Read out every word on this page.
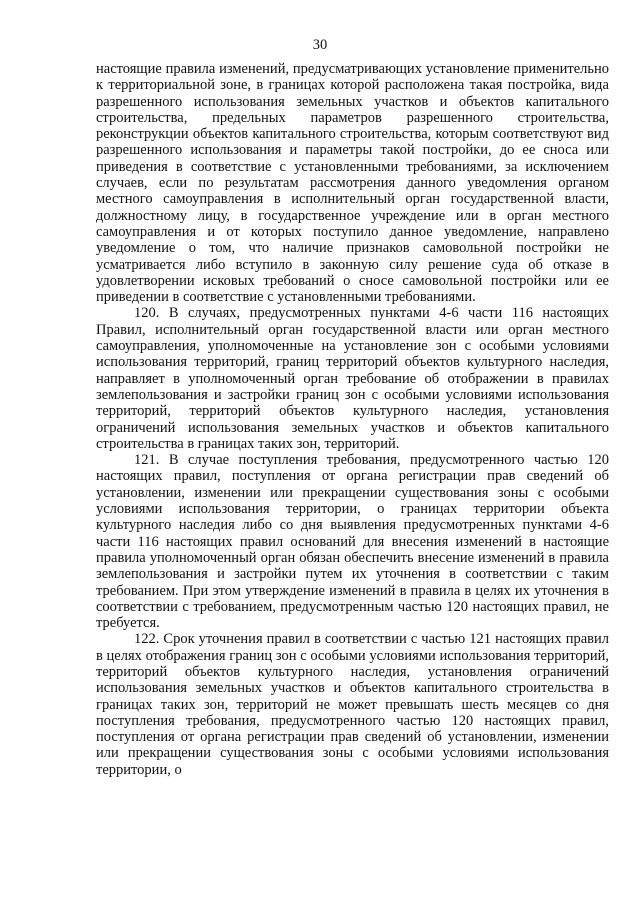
30

настоящие правила изменений, предусматривающих установление применительно к территориальной зоне, в границах которой расположена такая постройка, вида разрешенного использования земельных участков и объектов капитального строительства, предельных параметров разрешенного строительства, реконструкции объектов капитального строительства, которым соответствуют вид разрешенного использования и параметры такой постройки, до ее сноса или приведения в соответствие с установленными требованиями, за исключением случаев, если по результатам рассмотрения данного уведомления органом местного самоуправления в исполнительный орган государственной власти, должностному лицу, в государственное учреждение или в орган местного самоуправления и от которых поступило данное уведомление, направлено уведомление о том, что наличие признаков самовольной постройки не усматривается либо вступило в законную силу решение суда об отказе в удовлетворении исковых требований о сносе самовольной постройки или ее приведении в соответствие с установленными требованиями.

120. В случаях, предусмотренных пунктами 4-6 части 116 настоящих Правил, исполнительный орган государственной власти или орган местного самоуправления, уполномоченные на установление зон с особыми условиями использования территорий, границ территорий объектов культурного наследия, направляет в уполномоченный орган требование об отображении в правилах землепользования и застройки границ зон с особыми условиями использования территорий, территорий объектов культурного наследия, установления ограничений использования земельных участков и объектов капитального строительства в границах таких зон, территорий.

121. В случае поступления требования, предусмотренного частью 120 настоящих правил, поступления от органа регистрации прав сведений об установлении, изменении или прекращении существования зоны с особыми условиями использования территории, о границах территории объекта культурного наследия либо со дня выявления предусмотренных пунктами 4-6 части 116 настоящих правил оснований для внесения изменений в настоящие правила уполномоченный орган обязан обеспечить внесение изменений в правила землепользования и застройки путем их уточнения в соответствии с таким требованием. При этом утверждение изменений в правила в целях их уточнения в соответствии с требованием, предусмотренным частью 120 настоящих правил, не требуется.

122. Срок уточнения правил в соответствии с частью 121 настоящих правил в целях отображения границ зон с особыми условиями использования территорий, территорий объектов культурного наследия, установления ограничений использования земельных участков и объектов капитального строительства в границах таких зон, территорий не может превышать шесть месяцев со дня поступления требования, предусмотренного частью 120 настоящих правил, поступления от органа регистрации прав сведений об установлении, изменении или прекращении существования зоны с особыми условиями использования территории, о
